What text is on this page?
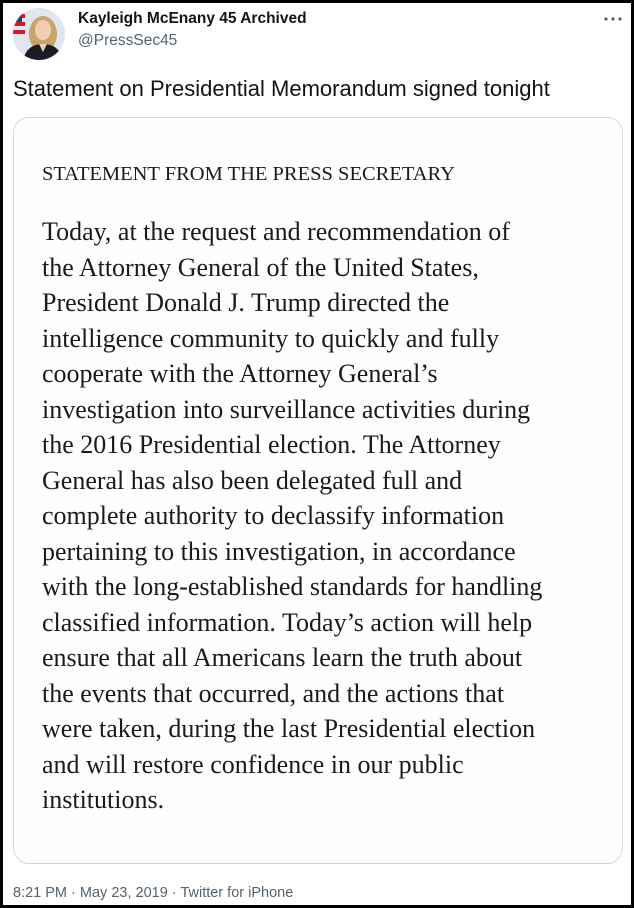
Kayleigh McEnany 45 Archived
@PressSec45
Statement on Presidential Memorandum signed tonight
STATEMENT FROM THE PRESS SECRETARY
Today, at the request and recommendation of
the Attorney General of the United States,
President Donald J. Trump directed the
intelligence community to quickly and fully
cooperate with the Attorney General’s
investigation into surveillance activities during
the 2016 Presidential election. The Attorney
General has also been delegated full and
complete authority to declassify information
pertaining to this investigation, in accordance
with the long-established standards for handling
classified information. Today’s action will help
ensure that all Americans learn the truth about
the events that occurred, and the actions that
were taken, during the last Presidential election
and will restore confidence in our public
institutions.
8:21 PM · May 23, 2019 · Twitter for iPhone
